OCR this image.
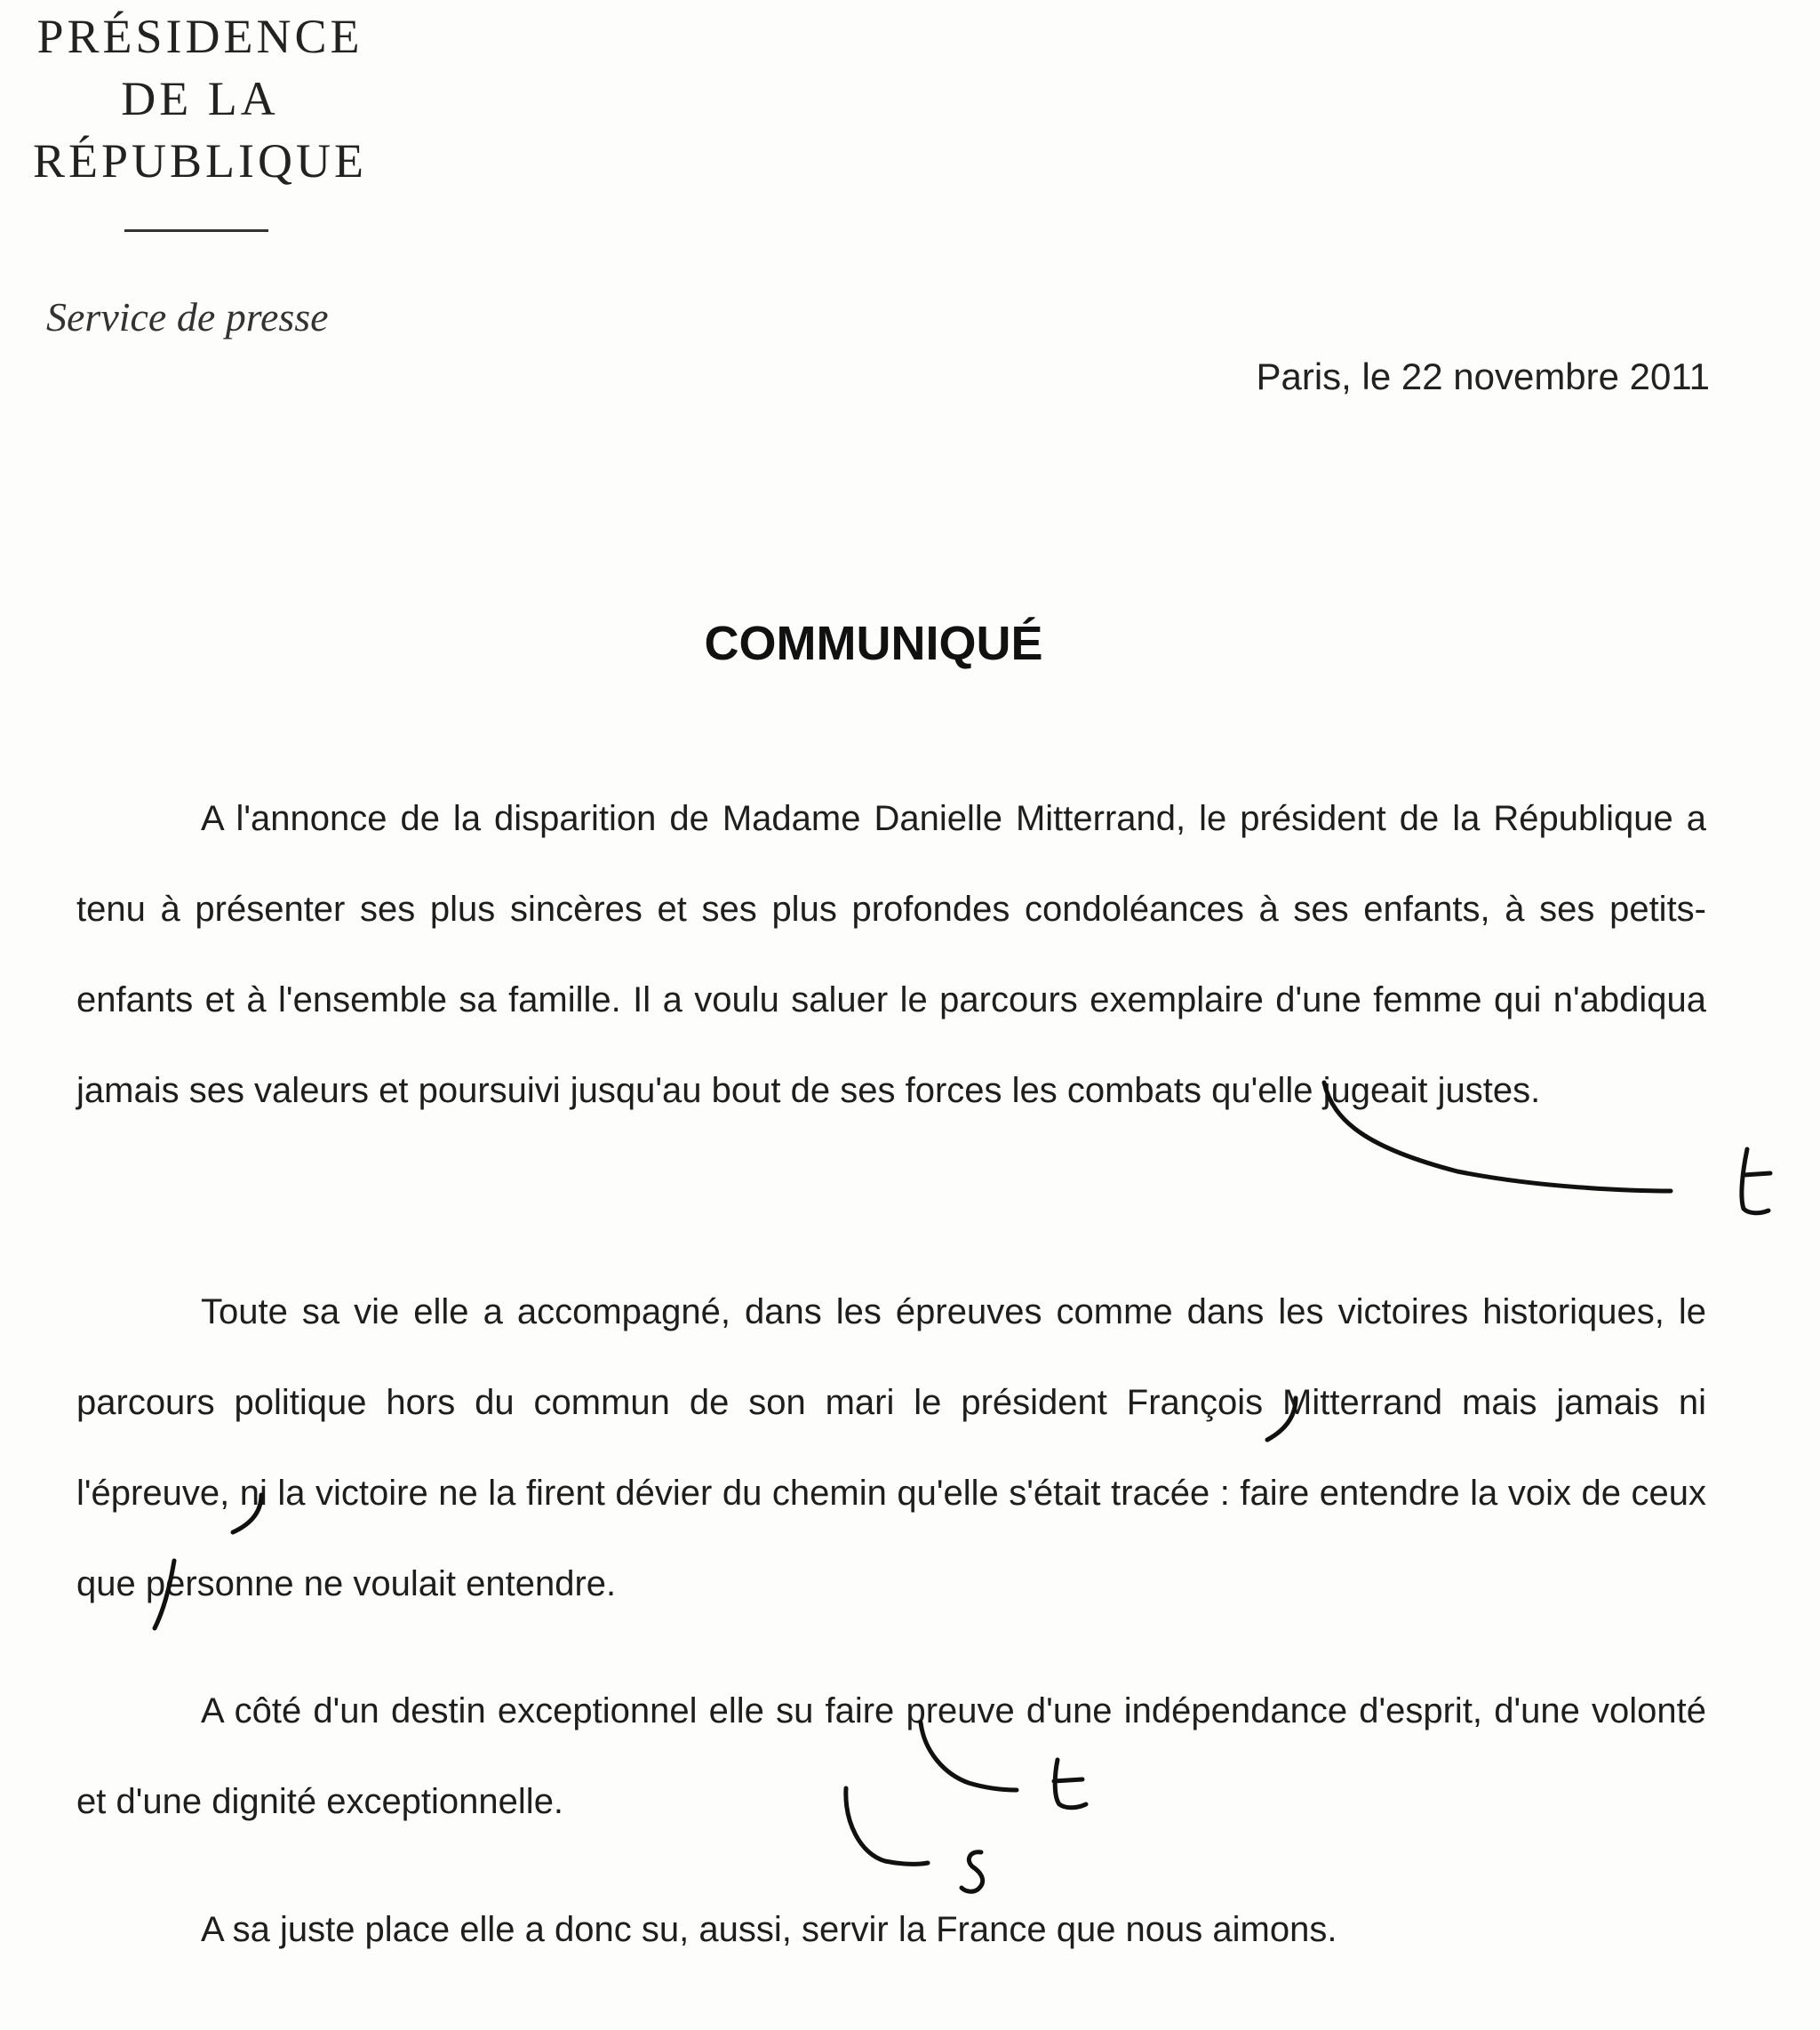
PRÉSIDENCE
DE LA
RÉPUBLIQUE
Service de presse
Paris, le 22 novembre 2011
COMMUNIQUÉ

A l'annonce de la disparition de Madame Danielle Mitterrand, le président de la République a tenu à présenter ses plus sincères et ses plus profondes condoléances à ses enfants, à ses petits-enfants et à l'ensemble sa famille. Il a voulu saluer le parcours exemplaire d'une femme qui n'abdiqua jamais ses valeurs et poursuivi jusqu'au bout de ses forces les combats qu'elle jugeait justes.

Toute sa vie elle a accompagné, dans les épreuves comme dans les victoires historiques, le parcours politique hors du commun de son mari le président François Mitterrand mais jamais ni l'épreuve, ni la victoire ne la firent dévier du chemin qu'elle s'était tracée : faire entendre la voix de ceux que personne ne voulait entendre.

A côté d'un destin exceptionnel elle su faire preuve d'une indépendance d'esprit, d'une volonté et d'une dignité exceptionnelle.

A sa juste place elle a donc su, aussi, servir la France que nous aimons.
